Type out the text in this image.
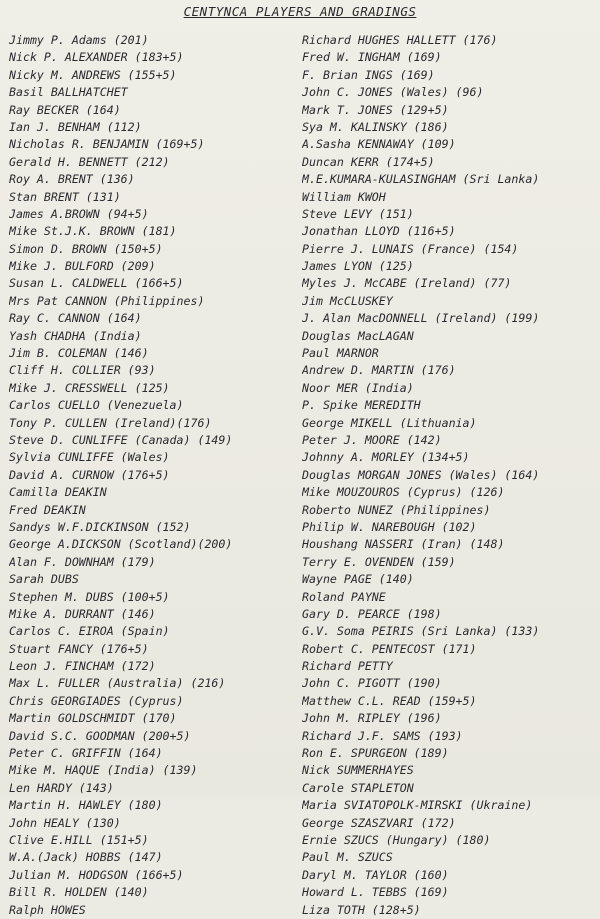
CENTYNCA PLAYERS AND GRADINGS
Jimmy P. Adams (201)
Nick P. ALEXANDER (183+5)
Nicky M. ANDREWS (155+5)
Basil BALLHATCHET
Ray BECKER (164)
Ian J. BENHAM (112)
Nicholas R. BENJAMIN (169+5)
Gerald H. BENNETT (212)
Roy A. BRENT (136)
Stan BRENT (131)
James A.BROWN (94+5)
Mike St.J.K. BROWN (181)
Simon D. BROWN (150+5)
Mike J. BULFORD (209)
Susan L. CALDWELL (166+5)
Mrs Pat CANNON (Philippines)
Ray C. CANNON (164)
Yash CHADHA (India)
Jim B. COLEMAN (146)
Cliff H. COLLIER (93)
Mike J. CRESSWELL (125)
Carlos CUELLO (Venezuela)
Tony P. CULLEN (Ireland)(176)
Steve D. CUNLIFFE (Canada) (149)
Sylvia CUNLIFFE (Wales)
David A. CURNOW (176+5)
Camilla DEAKIN
Fred DEAKIN
Sandys W.F.DICKINSON (152)
George A.DICKSON (Scotland)(200)
Alan F. DOWNHAM (179)
Sarah DUBS
Stephen M. DUBS (100+5)
Mike A. DURRANT (146)
Carlos C. EIROA (Spain)
Stuart FANCY (176+5)
Leon J. FINCHAM (172)
Max L. FULLER (Australia) (216)
Chris GEORGIADES (Cyprus)
Martin GOLDSCHMIDT (170)
David S.C. GOODMAN (200+5)
Peter C. GRIFFIN (164)
Mike M. HAQUE (India) (139)
Len HARDY (143)
Martin H. HAWLEY (180)
John HEALY (130)
Clive E.HILL (151+5)
W.A.(Jack) HOBBS (147)
Julian M. HODGSON (166+5)
Bill R. HOLDEN (140)
Ralph HOWES
Richard HUGHES HALLETT (176)
Fred W. INGHAM (169)
F. Brian INGS (169)
John C. JONES (Wales) (96)
Mark T. JONES (129+5)
Sya M. KALINSKY (186)
A.Sasha KENNAWAY (109)
Duncan KERR (174+5)
M.E.KUMARA-KULASINGHAM (Sri Lanka)
William KWOH
Steve LEVY (151)
Jonathan LLOYD (116+5)
Pierre J. LUNAIS (France) (154)
James LYON (125)
Myles J. McCABE (Ireland) (77)
Jim McCLUSKEY
J. Alan MacDONNELL (Ireland) (199)
Douglas MacLAGAN
Paul MARNOR
Andrew D. MARTIN (176)
Noor MER (India)
P. Spike MEREDITH
George MIKELL (Lithuania)
Peter J. MOORE (142)
Johnny A. MORLEY (134+5)
Douglas MORGAN JONES (Wales) (164)
Mike MOUZOUROS (Cyprus) (126)
Roberto NUNEZ (Philippines)
Philip W. NAREBOUGH (102)
Houshang NASSERI (Iran) (148)
Terry E. OVENDEN (159)
Wayne PAGE (140)
Roland PAYNE
Gary D. PEARCE (198)
G.V. Soma PEIRIS (Sri Lanka) (133)
Robert C. PENTECOST (171)
Richard PETTY
John C. PIGOTT (190)
Matthew C.L. READ (159+5)
John M. RIPLEY (196)
Richard J.F. SAMS (193)
Ron E. SPURGEON (189)
Nick SUMMERHAYES
Carole STAPLETON
Maria SVIATOPOLK-MIRSKI (Ukraine)
George SZASZVARI (172)
Ernie SZUCS (Hungary) (180)
Paul M. SZUCS
Daryl M. TAYLOR (160)
Howard L. TEBBS (169)
Liza TOTH (128+5)
